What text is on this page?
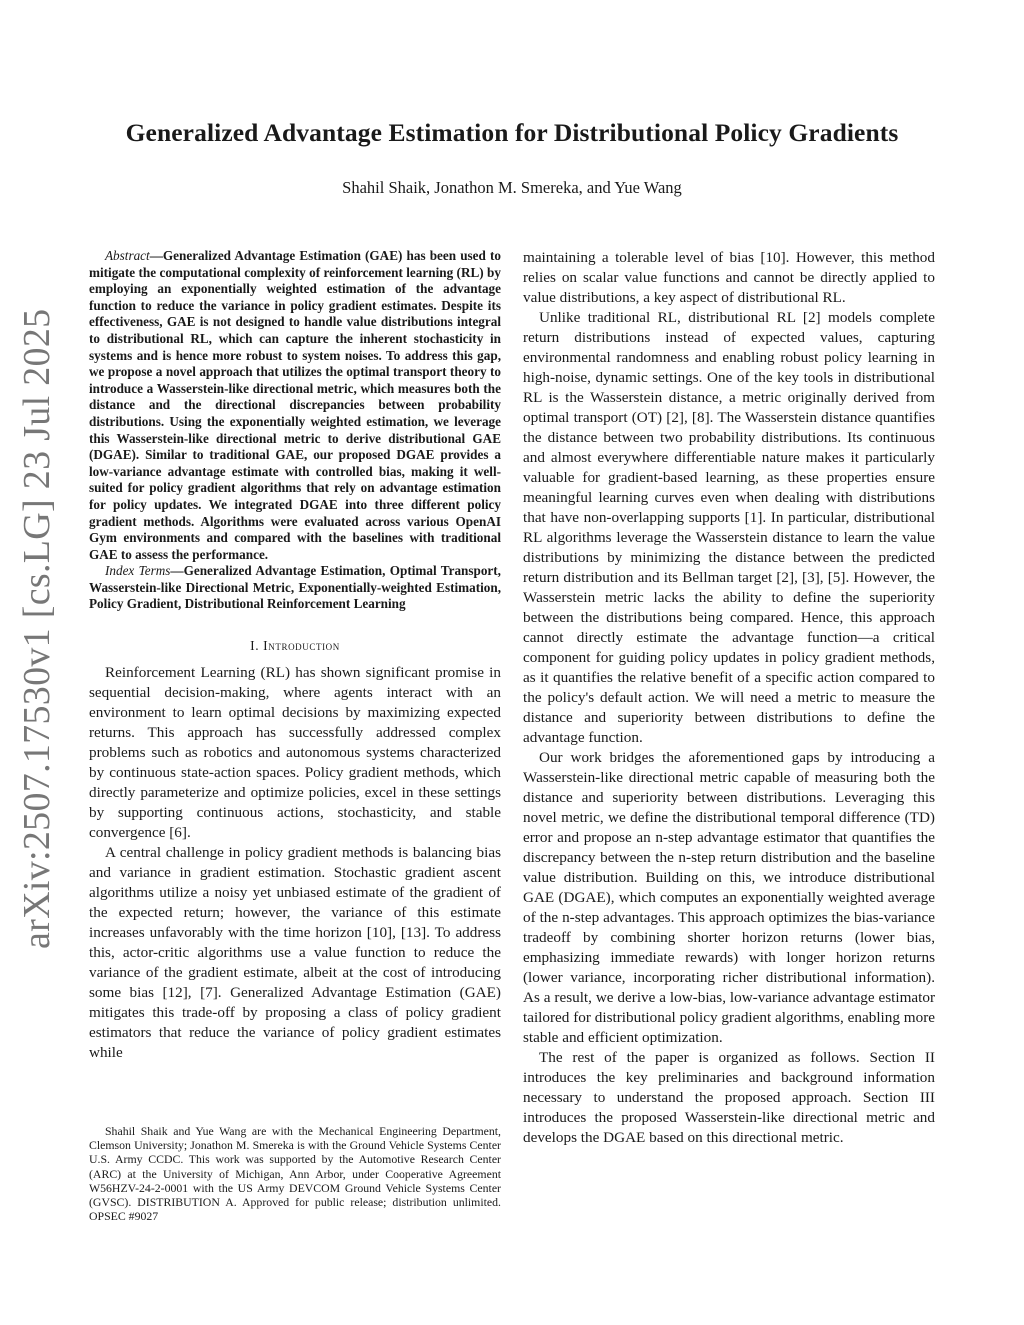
Generalized Advantage Estimation for Distributional Policy Gradients
Shahil Shaik, Jonathon M. Smereka, and Yue Wang
arXiv:2507.17530v1 [cs.LG] 23 Jul 2025

Abstract—Generalized Advantage Estimation (GAE) has been used to mitigate the computational complexity of reinforcement learning (RL) by employing an exponentially weighted estimation of the advantage function to reduce the variance in policy gradient estimates. Despite its effectiveness, GAE is not designed to handle value distributions integral to distributional RL, which can capture the inherent stochasticity in systems and is hence more robust to system noises. To address this gap, we propose a novel approach that utilizes the optimal transport theory to introduce a Wasserstein-like directional metric, which measures both the distance and the directional discrepancies between probability distributions. Using the exponentially weighted estimation, we leverage this Wasserstein-like directional metric to derive distributional GAE (DGAE). Similar to traditional GAE, our proposed DGAE provides a low-variance advantage estimate with controlled bias, making it well-suited for policy gradient algorithms that rely on advantage estimation for policy updates. We integrated DGAE into three different policy gradient methods. Algorithms were evaluated across various OpenAI Gym environments and compared with the baselines with traditional GAE to assess the performance.

Index Terms—Generalized Advantage Estimation, Optimal Transport, Wasserstein-like Directional Metric, Exponentially-weighted Estimation, Policy Gradient, Distributional Reinforcement Learning

I. Introduction

Reinforcement Learning (RL) has shown significant promise in sequential decision-making, where agents interact with an environment to learn optimal decisions by maximizing expected returns. This approach has successfully addressed complex problems such as robotics and autonomous systems characterized by continuous state-action spaces. Policy gradient methods, which directly parameterize and optimize policies, excel in these settings by supporting continuous actions, stochasticity, and stable convergence [6].

A central challenge in policy gradient methods is balancing bias and variance in gradient estimation. Stochastic gradient ascent algorithms utilize a noisy yet unbiased estimate of the gradient of the expected return; however, the variance of this estimate increases unfavorably with the time horizon [10], [13]. To address this, actor-critic algorithms use a value function to reduce the variance of the gradient estimate, albeit at the cost of introducing some bias [12], [7]. Generalized Advantage Estimation (GAE) mitigates this trade-off by proposing a class of policy gradient estimators that reduce the variance of policy gradient estimates while

Shahil Shaik and Yue Wang are with the Mechanical Engineering Department, Clemson University; Jonathon M. Smereka is with the Ground Vehicle Systems Center U.S. Army CCDC. This work was supported by the Automotive Research Center (ARC) at the University of Michigan, Ann Arbor, under Cooperative Agreement W56HZV-24-2-0001 with the US Army DEVCOM Ground Vehicle Systems Center (GVSC). DISTRIBUTION A. Approved for public release; distribution unlimited. OPSEC #9027

maintaining a tolerable level of bias [10]. However, this method relies on scalar value functions and cannot be directly applied to value distributions, a key aspect of distributional RL.

Unlike traditional RL, distributional RL [2] models complete return distributions instead of expected values, capturing environmental randomness and enabling robust policy learning in high-noise, dynamic settings. One of the key tools in distributional RL is the Wasserstein distance, a metric originally derived from optimal transport (OT) [2], [8]. The Wasserstein distance quantifies the distance between two probability distributions. Its continuous and almost everywhere differentiable nature makes it particularly valuable for gradient-based learning, as these properties ensure meaningful learning curves even when dealing with distributions that have non-overlapping supports [1]. In particular, distributional RL algorithms leverage the Wasserstein distance to learn the value distributions by minimizing the distance between the predicted return distribution and its Bellman target [2], [3], [5]. However, the Wasserstein metric lacks the ability to define the superiority between the distributions being compared. Hence, this approach cannot directly estimate the advantage function—a critical component for guiding policy updates in policy gradient methods, as it quantifies the relative benefit of a specific action compared to the policy's default action. We will need a metric to measure the distance and superiority between distributions to define the advantage function.

Our work bridges the aforementioned gaps by introducing a Wasserstein-like directional metric capable of measuring both the distance and superiority between distributions. Leveraging this novel metric, we define the distributional temporal difference (TD) error and propose an n-step advantage estimator that quantifies the discrepancy between the n-step return distribution and the baseline value distribution. Building on this, we introduce distributional GAE (DGAE), which computes an exponentially weighted average of the n-step advantages. This approach optimizes the bias-variance tradeoff by combining shorter horizon returns (lower bias, emphasizing immediate rewards) with longer horizon returns (lower variance, incorporating richer distributional information). As a result, we derive a low-bias, low-variance advantage estimator tailored for distributional policy gradient algorithms, enabling more stable and efficient optimization.

The rest of the paper is organized as follows. Section II introduces the key preliminaries and background information necessary to understand the proposed approach. Section III introduces the proposed Wasserstein-like directional metric and develops the DGAE based on this directional metric.
